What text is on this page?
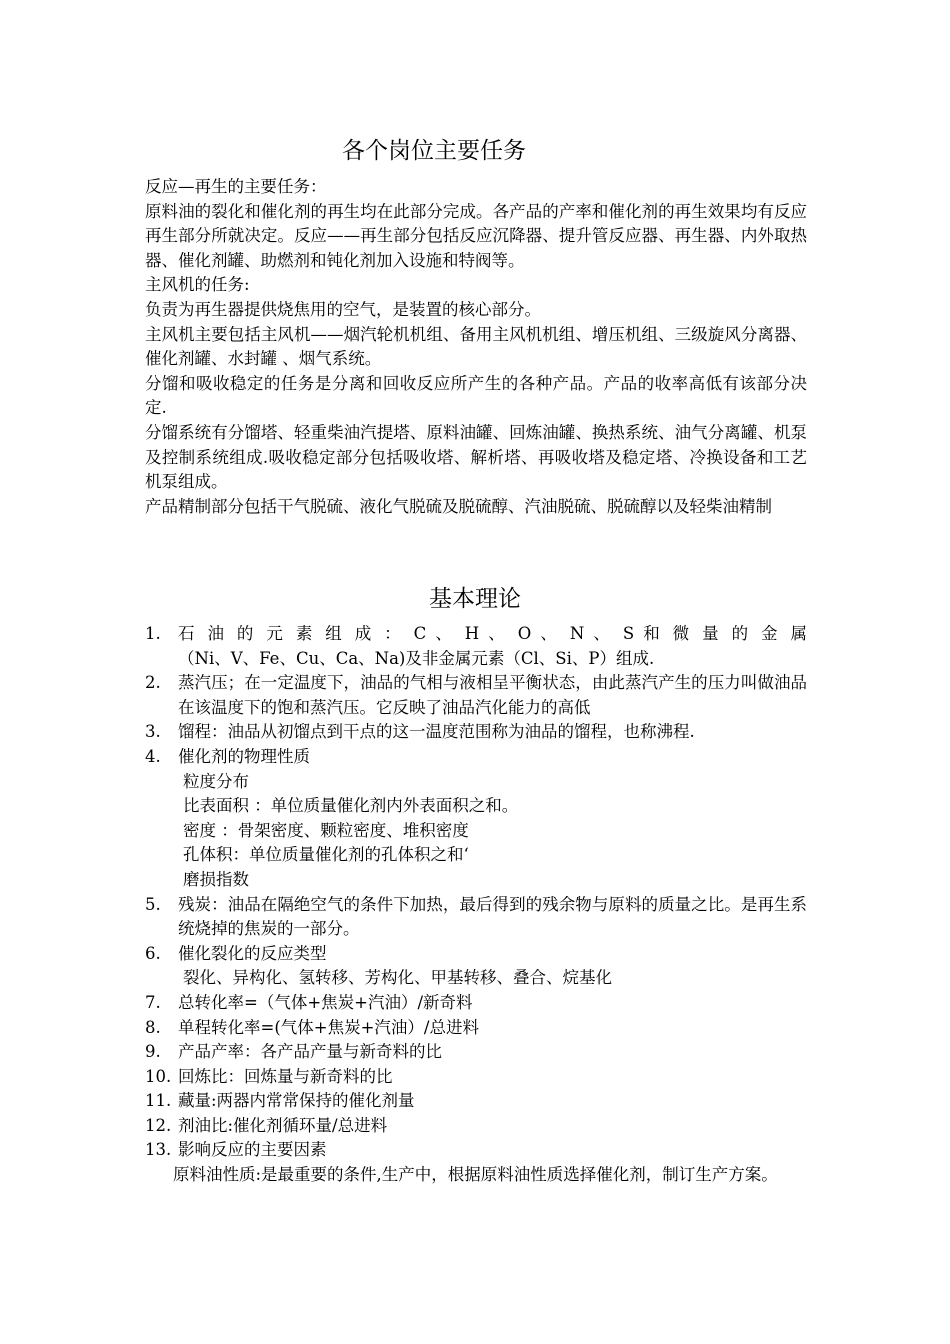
各个岗位主要任务

反应—再生的主要任务：

原料油的裂化和催化剂的再生均在此部分完成。各产品的产率和催化剂的再生效果均有反应再生部分所就决定。反应——再生部分包括反应沉降器、提升管反应器、再生器、内外取热器、催化剂罐、助燃剂和钝化剂加入设施和特阀等。

主风机的任务:

负责为再生器提供烧焦用的空气，是装置的核心部分。

主风机主要包括主风机——烟汽轮机机组、备用主风机机组、增压机组、三级旋风分离器、催化剂罐、水封罐 、烟气系统。

分馏和吸收稳定的任务是分离和回收反应所产生的各种产品。产品的收率高低有该部分决定.

分馏系统有分馏塔、轻重柴油汽提塔、原料油罐、回炼油罐、换热系统、油气分离罐、机泵及控制系统组成.吸收稳定部分包括吸收塔、解析塔、再吸收塔及稳定塔、冷换设备和工艺机泵组成。

产品精制部分包括干气脱硫、液化气脱硫及脱硫醇、汽油脱硫、脱硫醇以及轻柴油精制

基本理论
1.	石 油 的 元 素 组 成 ： C 、 H 、 O 、 N 、 S 和 微 量 的 金 属
（Ni、V、Fe、Cu、Ca、Na)及非金属元素（Cl、Si、P）组成.
2.	蒸汽压；在一定温度下，油品的气相与液相呈平衡状态，由此蒸汽产生的压力叫做油品在该温度下的饱和蒸汽压。它反映了油品汽化能力的高低
3.	馏程：油品从初馏点到干点的这一温度范围称为油品的馏程，也称沸程.
4.	催化剂的物理性质
粒度分布
比表面积 ：单位质量催化剂内外表面积之和。
密度 ：骨架密度、颗粒密度、堆积密度
孔体积：单位质量催化剂的孔体积之和‘
磨损指数
5.	残炭：油品在隔绝空气的条件下加热，最后得到的残余物与原料的质量之比。是再生系统烧掉的焦炭的一部分。
6.	催化裂化的反应类型
裂化、异构化、氢转移、芳构化、甲基转移、叠合、烷基化
7.	总转化率=（气体+焦炭+汽油）/新奇料
8.	单程转化率=(气体+焦炭+汽油）/总进料
9.	产品产率：各产品产量与新奇料的比
10. 回炼比：回炼量与新奇料的比
11. 藏量:两器内常常保持的催化剂量
12. 剂油比:催化剂循环量/总进料
13. 影响反应的主要因素
原料油性质:是最重要的条件,生产中，根据原料油性质选择催化剂，制订生产方案。
